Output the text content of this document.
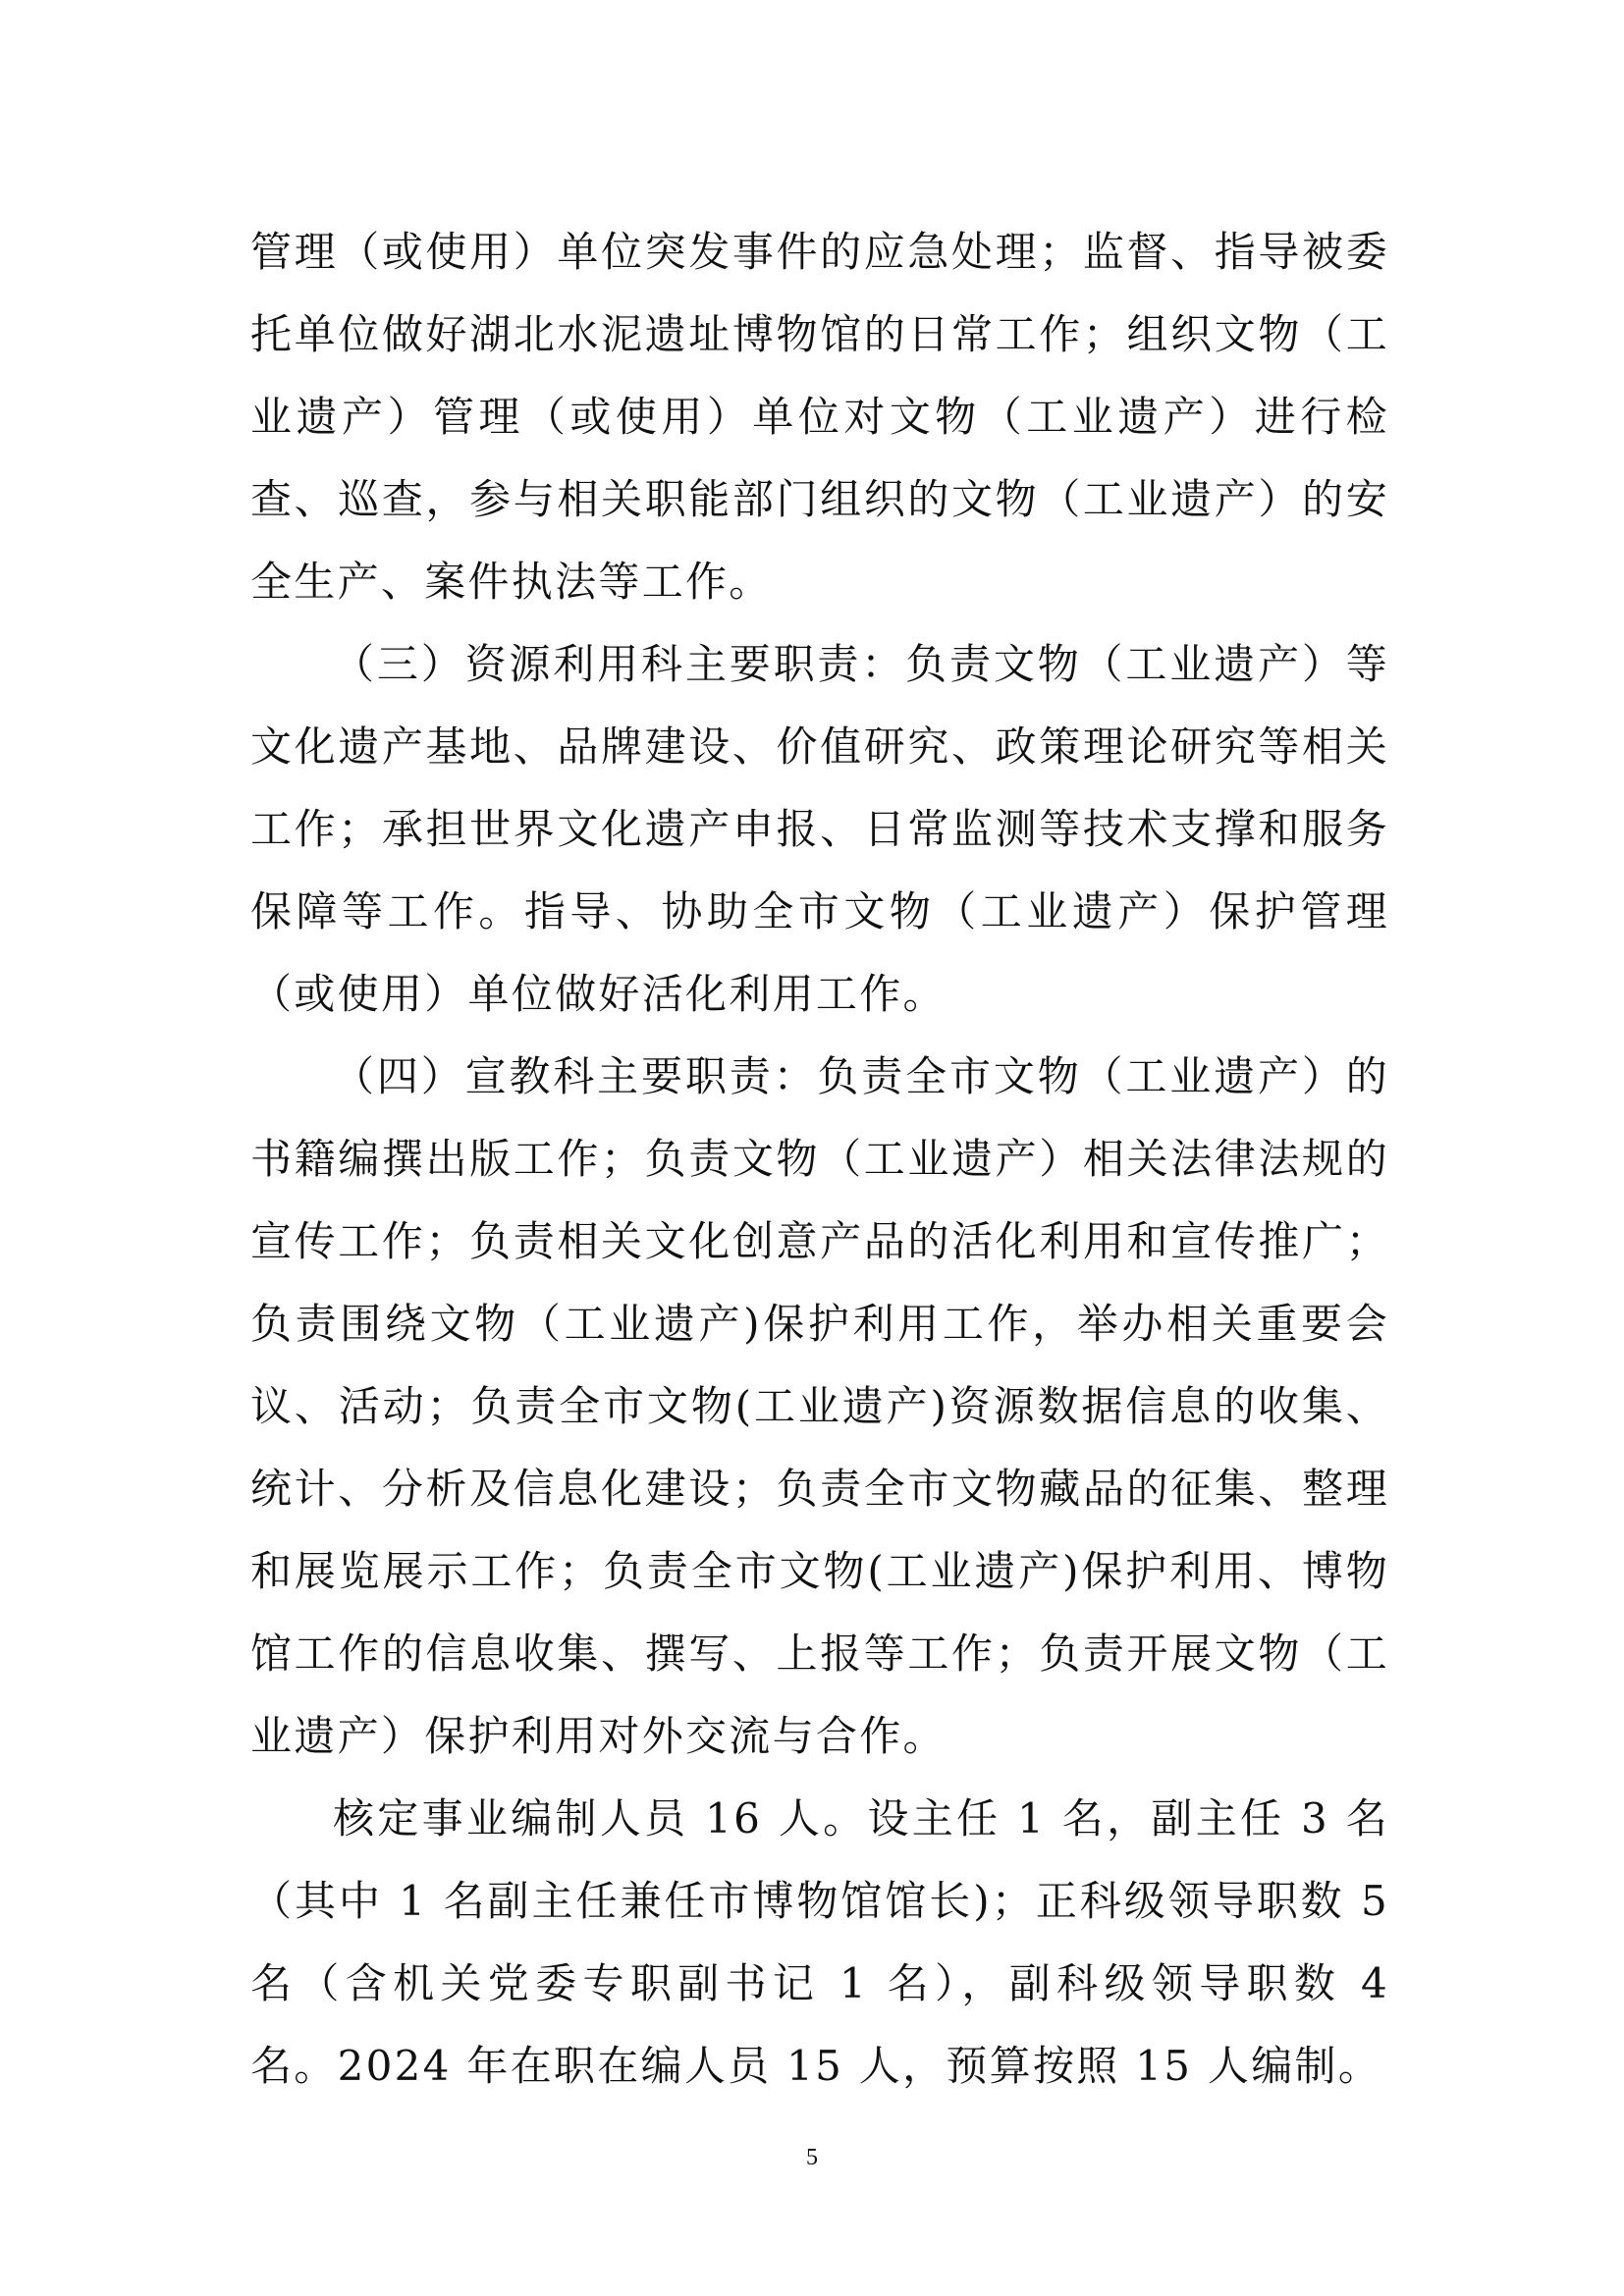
管理（或使用）单位突发事件的应急处理；监督、指导被委托单位做好湖北水泥遗址博物馆的日常工作；组织文物（工业遗产）管理（或使用）单位对文物（工业遗产）进行检查、巡查，参与相关职能部门组织的文物（工业遗产）的安全生产、案件执法等工作。

（三）资源利用科主要职责：负责文物（工业遗产）等文化遗产基地、品牌建设、价值研究、政策理论研究等相关工作；承担世界文化遗产申报、日常监测等技术支撑和服务保障等工作。指导、协助全市文物（工业遗产）保护管理（或使用）单位做好活化利用工作。

（四）宣教科主要职责：负责全市文物（工业遗产）的书籍编撰出版工作；负责文物（工业遗产）相关法律法规的宣传工作；负责相关文化创意产品的活化利用和宣传推广；负责围绕文物（工业遗产)保护利用工作，举办相关重要会议、活动；负责全市文物(工业遗产)资源数据信息的收集、统计、分析及信息化建设；负责全市文物藏品的征集、整理和展览展示工作；负责全市文物(工业遗产)保护利用、博物馆工作的信息收集、撰写、上报等工作；负责开展文物（工业遗产）保护利用对外交流与合作。

核定事业编制人员 16 人。设主任 1 名，副主任 3 名（其中 1 名副主任兼任市博物馆馆长)；正科级领导职数 5 名（含机关党委专职副书记 1 名），副科级领导职数 4 名。2024 年在职在编人员 15 人，预算按照 15 人编制。

5
